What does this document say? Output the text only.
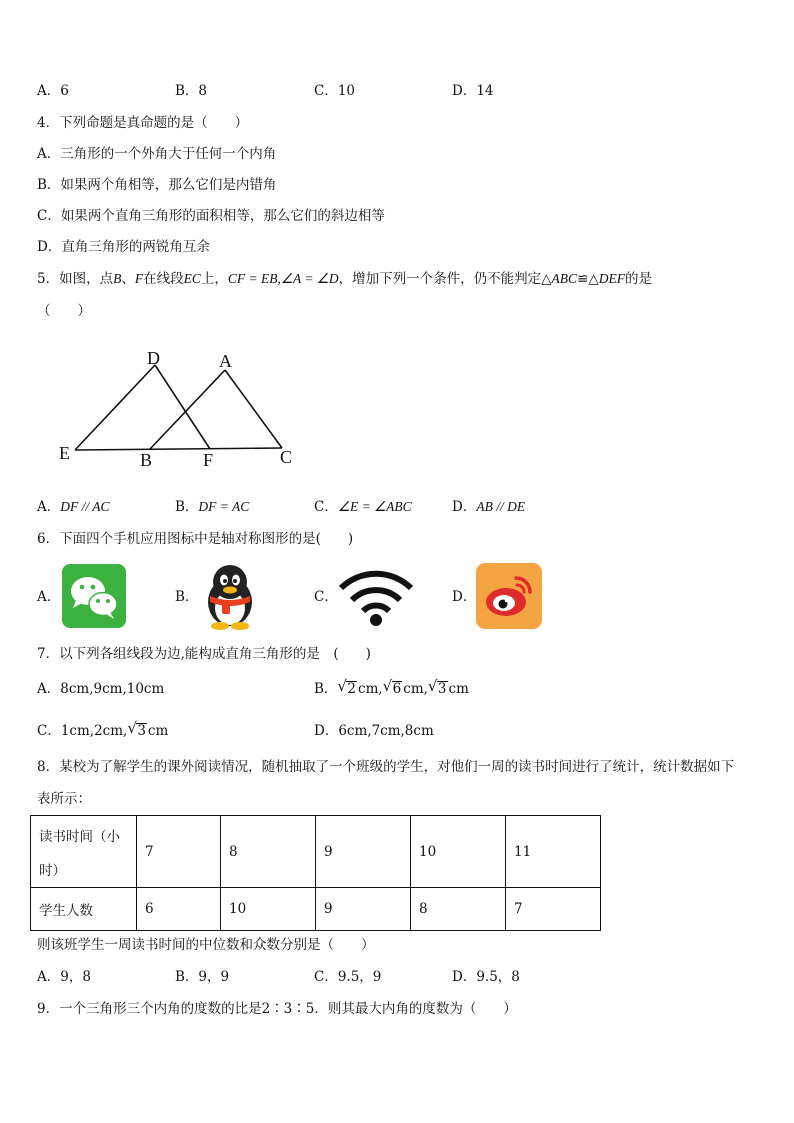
A．6	B．8	C．10	D．14
4．下列命题是真命题的是（　　）
A．三角形的一个外角大于任何一个内角
B．如果两个角相等，那么它们是内错角
C．如果两个直角三角形的面积相等，那么它们的斜边相等
D．直角三角形的两锐角互余
5．如图，点B、F在线段EC上，CF = EB,∠A = ∠D，增加下列一个条件，仍不能判定△ABC≌△DEF的是
（　　）
D	A
E	B	F	C
A．DF // AC	B．DF = AC	C．∠E = ∠ABC	D．AB // DE
6．下面四个手机应用图标中是轴对称图形的是(　　)
A．	B．	C．	D．
7．以下列各组线段为边,能构成直角三角形的是　(　　)
A．8cm,9cm,10cm	B． √ 2 cm, √ 6 cm, √ 3 cm
C．1cm,2cm, √ 3 cm	D．6cm,7cm,8cm
8．某校为了解学生的课外阅读情况，随机抽取了一个班级的学生，对他们一周的读书时间进行了统计，统计数据如下
表所示：
读书时间（小
时）	7	8	9	10	11
学生人数	6	10	9	8	7
则该班学生一周读书时间的中位数和众数分别是（　　）
A．9，8	B．9，9	C．9.5，9	D．9.5，8
9．一个三角形三个内角的度数的比是2∶3∶5．则其最大内角的度数为（　　）
